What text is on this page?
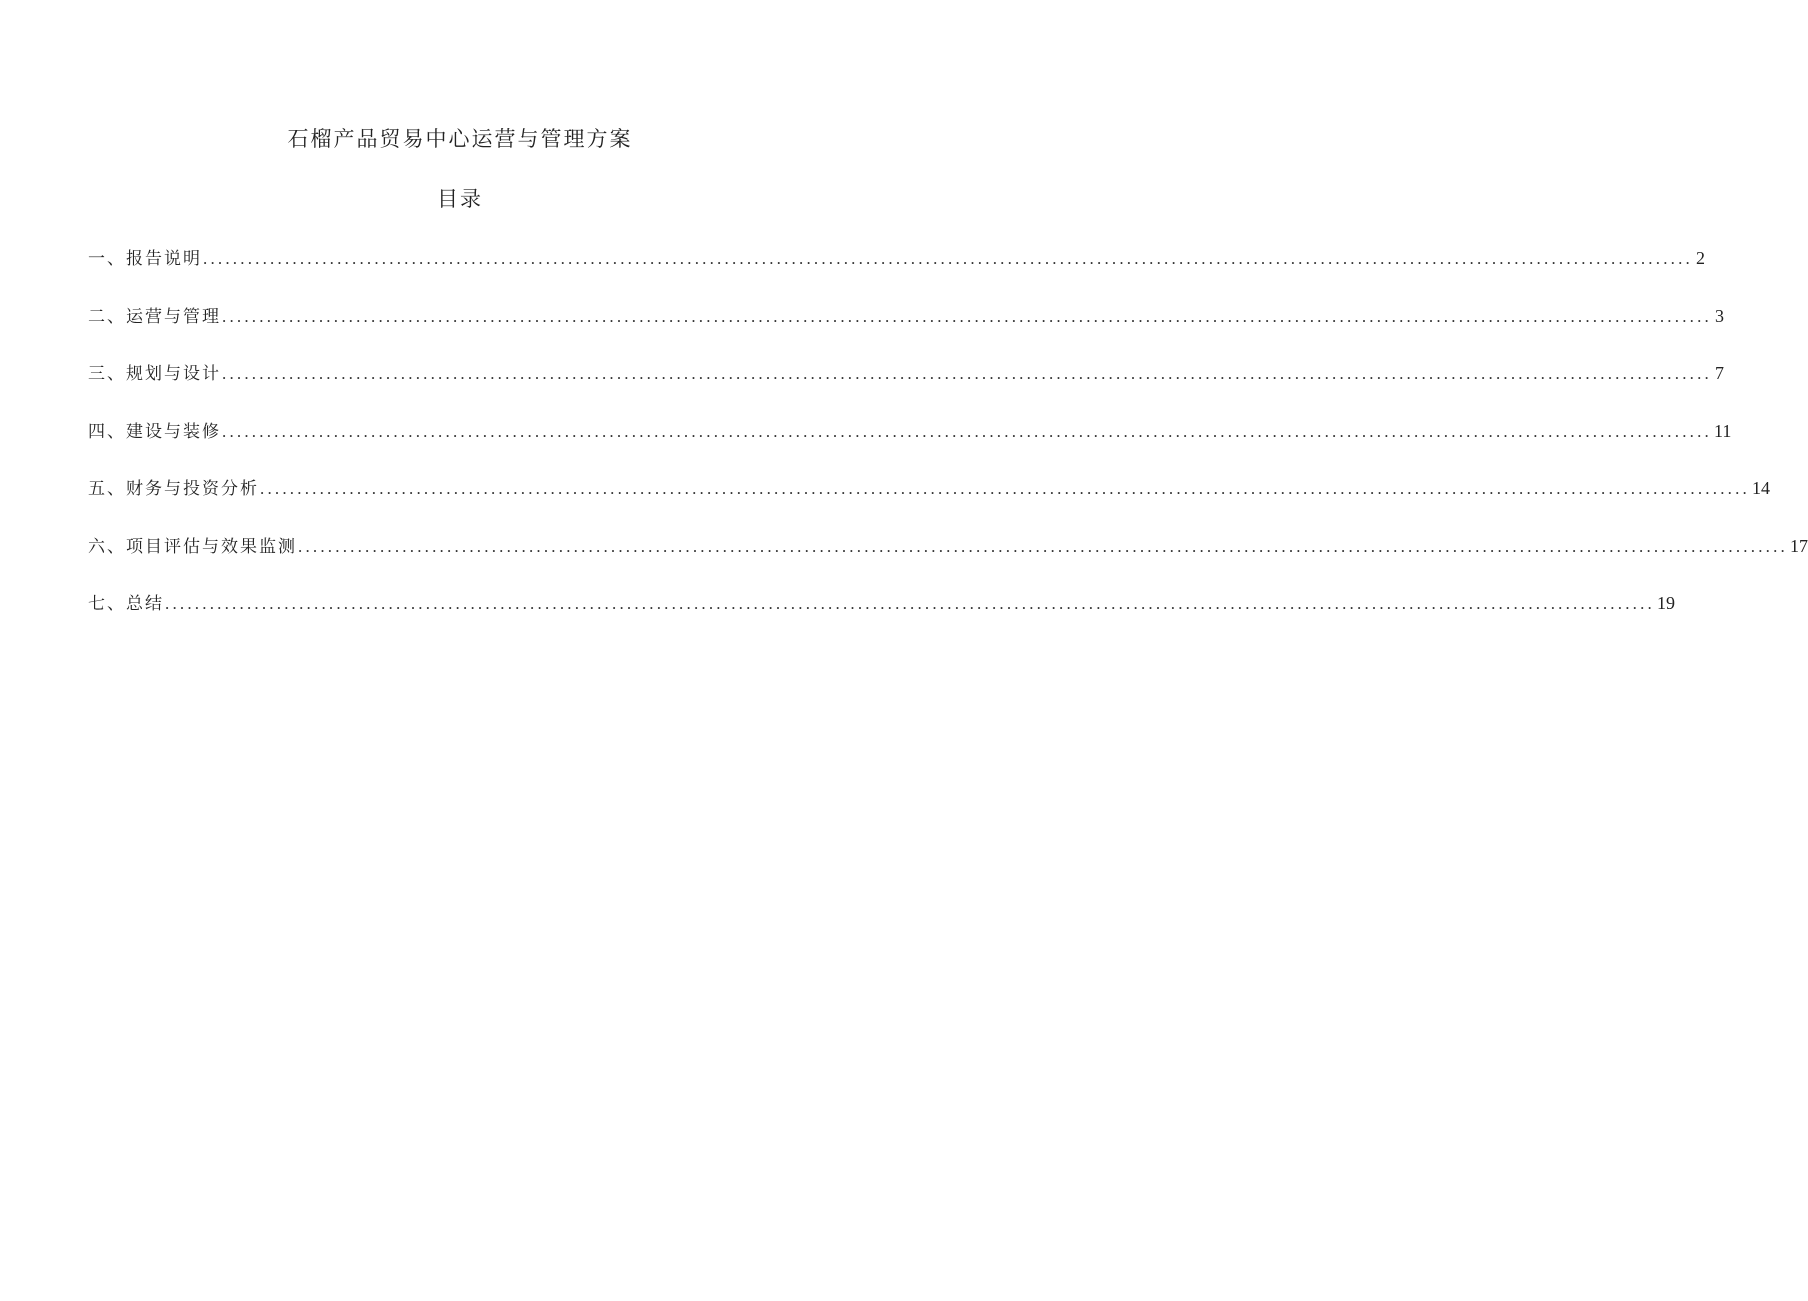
石榴产品贸易中心运营与管理方案
目录
一、报告说明 ........................................................................................................................................................................................................ 2
二、运营与管理 ........................................................................................................................................................................................................ 3
三、规划与设计 ........................................................................................................................................................................................................ 7
四、建设与装修 ........................................................................................................................................................................................................ 11
五、财务与投资分析 ........................................................................................................................................................................................................ 14
六、项目评估与效果监测 ........................................................................................................................................................................................................ 17
七、总结 ........................................................................................................................................................................................................ 19
